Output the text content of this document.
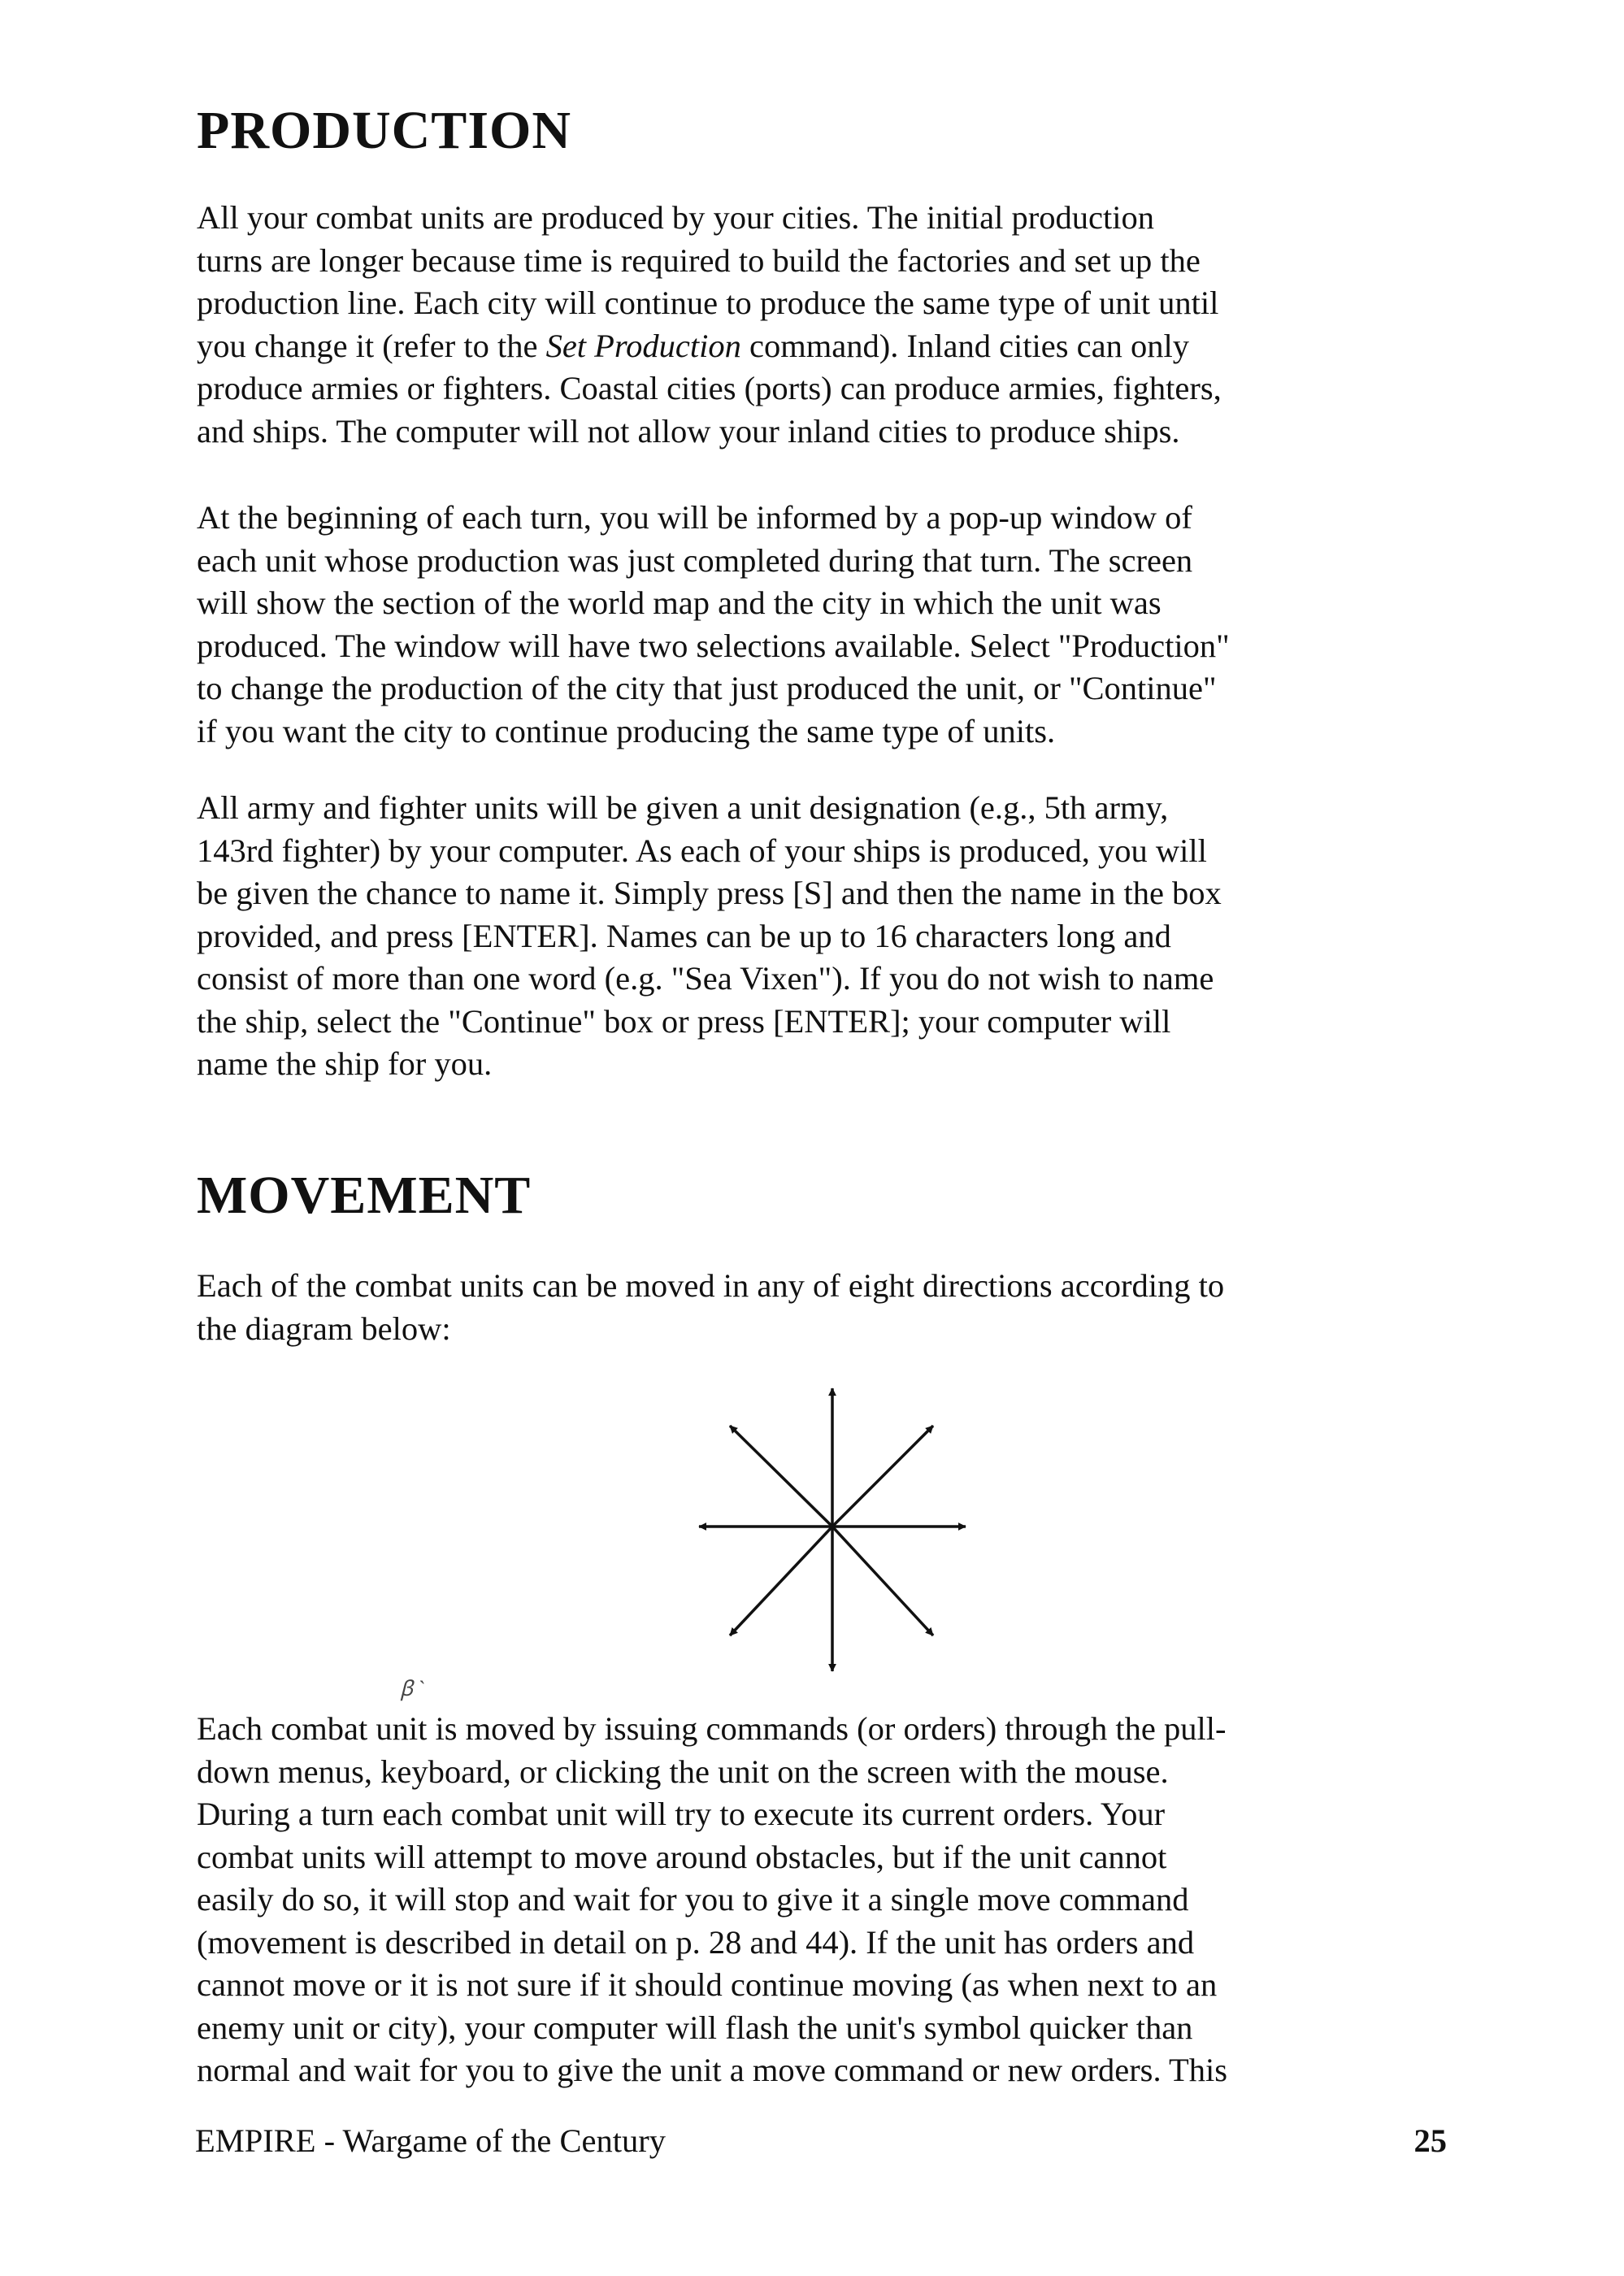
PRODUCTION

All your combat units are produced by your cities. The initial production
turns are longer because time is required to build the factories and set up the
production line. Each city will continue to produce the same type of unit until
you change it (refer to the Set Production command). Inland cities can only
produce armies or fighters. Coastal cities (ports) can produce armies, fighters,
and ships. The computer will not allow your inland cities to produce ships.

At the beginning of each turn, you will be informed by a pop-up window of
each unit whose production was just completed during that turn. The screen
will show the section of the world map and the city in which the unit was
produced. The window will have two selections available. Select "Production"
to change the production of the city that just produced the unit, or "Continue"
if you want the city to continue producing the same type of units.

All army and fighter units will be given a unit designation (e.g., 5th army,
143rd fighter) by your computer. As each of your ships is produced, you will
be given the chance to name it. Simply press [S] and then the name in the box
provided, and press [ENTER]. Names can be up to 16 characters long and
consist of more than one word (e.g. "Sea Vixen"). If you do not wish to name
the ship, select the "Continue" box or press [ENTER]; your computer will
name the ship for you.

MOVEMENT

Each of the combat units can be moved in any of eight directions according to
the diagram below:

ꞵ ˋ

Each combat unit is moved by issuing commands (or orders) through the pull-
down menus, keyboard, or clicking the unit on the screen with the mouse.
During a turn each combat unit will try to execute its current orders. Your
combat units will attempt to move around obstacles, but if the unit cannot
easily do so, it will stop and wait for you to give it a single move command
(movement is described in detail on p. 28 and 44). If the unit has orders and
cannot move or it is not sure if it should continue moving (as when next to an
enemy unit or city), your computer will flash the unit's symbol quicker than
normal and wait for you to give the unit a move command or new orders. This

EMPIRE - Wargame of the Century	25
